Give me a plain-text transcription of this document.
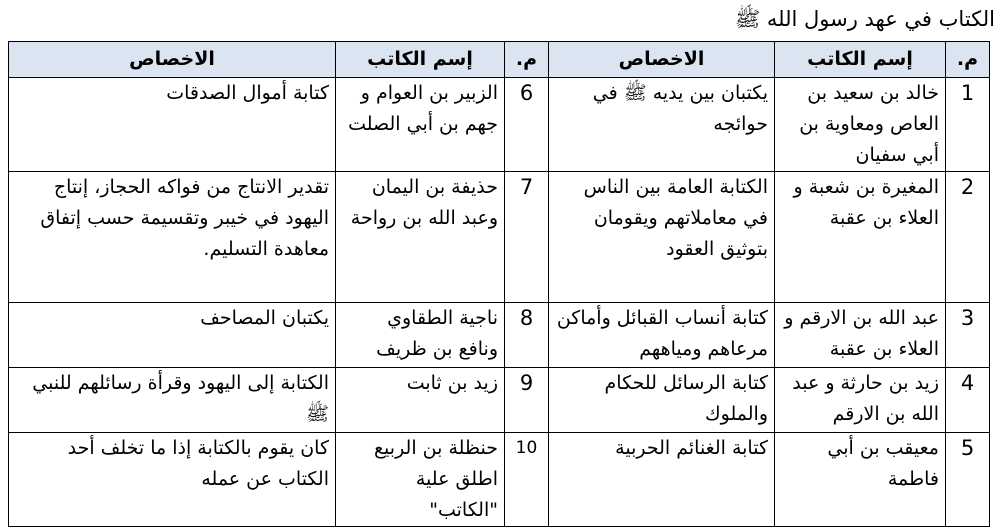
الكتاب في عهد رسول الله ﷺ
م.	إسم الكاتب	الاخصاص	م.	إسم الكاتب	الاخصاص
1	خالد بن سعيد بن العاص ومعاوية بن أبي سفيان	يكتبان بين يديه ﷺ في حوائجه	6	الزبير بن العوام و جهم بن أبي الصلت	كتابة أموال الصدقات
2	المغيرة بن شعبة و العلاء بن عقبة	الكتابة العامة بين الناس في معاملاتهم ويقومان بتوثيق العقود	7	حذيفة بن اليمان وعبد الله بن رواحة	تقدير الانتاج من فواكه الحجاز، إنتاج اليهود في خيبر وتقسيمة حسب إتفاق معاهدة التسليم.
3	عبد الله بن الارقم و العلاء بن عقبة	كتابة أنساب القبائل وأماكن مرعاهم ومياههم	8	ناجية الطقاوي ونافع بن ظريف	يكتبان المصاحف
4	زيد بن حارثة و عبد الله بن الارقم	كتابة الرسائل للحكام والملوك	9	زيد بن ثابت	الكتابة إلى اليهود وقرأة رسائلهم للنبي ﷺ
5	معيقب بن أبي فاطمة	كتابة الغنائم الحربية	10	حنظلة بن الربيع اطلق علية "الكاتب"	كان يقوم بالكتابة إذا ما تخلف أحد الكتاب عن عمله
